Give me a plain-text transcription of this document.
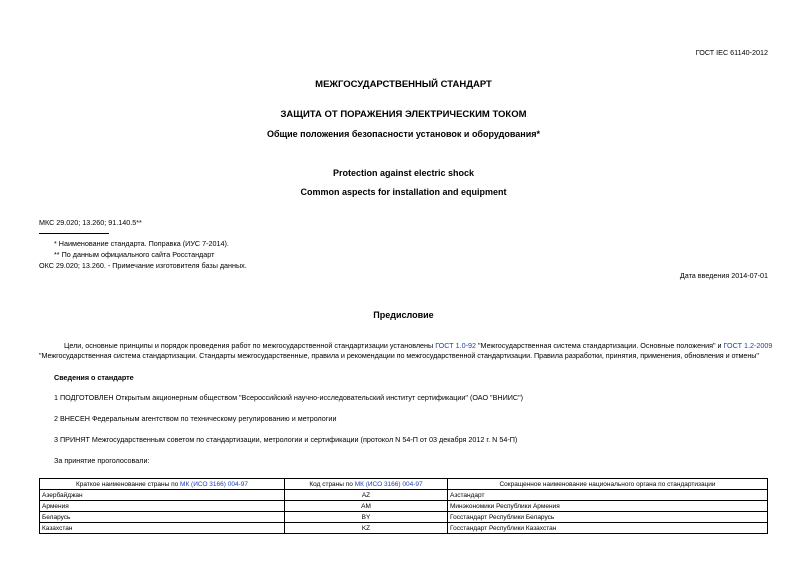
ГОСТ IEC 61140-2012
МЕЖГОСУДАРСТВЕННЫЙ СТАНДАРТ
ЗАЩИТА ОТ ПОРАЖЕНИЯ ЭЛЕКТРИЧЕСКИМ ТОКОМ
Общие положения безопасности установок и оборудования*
Protection against electric shock
Common aspects for installation and equipment
МКС 29.020; 13.260; 91.140.5**
* Наименование стандарта. Поправка (ИУС 7-2014).
** По данным официального сайта Росстандарт
ОКС 29.020; 13.260. - Примечание изготовителя базы данных.
Дата введения 2014-07-01
Предисловие
Цели, основные принципы и порядок проведения работ по межгосударственной стандартизации установлены ГОСТ 1.0-92 "Межгосударственная система стандартизации. Основные положения" и ГОСТ 1.2-2009
"Межгосударственная система стандартизации. Стандарты межгосударственные, правила и рекомендации по межгосударственной стандартизации. Правила разработки, принятия, применения, обновления и отмены"
Сведения о стандарте
1 ПОДГОТОВЛЕН Открытым акционерным обществом "Всероссийский научно-исследовательский институт сертификации" (ОАО "ВНИИС")
2 ВНЕСЕН Федеральным агентством по техническому регулированию и метрологии
3 ПРИНЯТ Межгосударственным советом по стандартизации, метрологии и сертификации (протокол N 54-П от 03 декабря 2012 г. N 54-П)
За принятие проголосовали:
Краткое наименование страны по МК (ИСО 3166) 004-97	Код страны по МК (ИСО 3166) 004-97	Сокращенное наименование национального органа по стандартизации
Азербайджан	AZ	Азстандарт
Армения	AM	Минэкономики Республики Армения
Беларусь	BY	Госстандарт Республики Беларусь
Казахстан	KZ	Госстандарт Республики Казахстан
